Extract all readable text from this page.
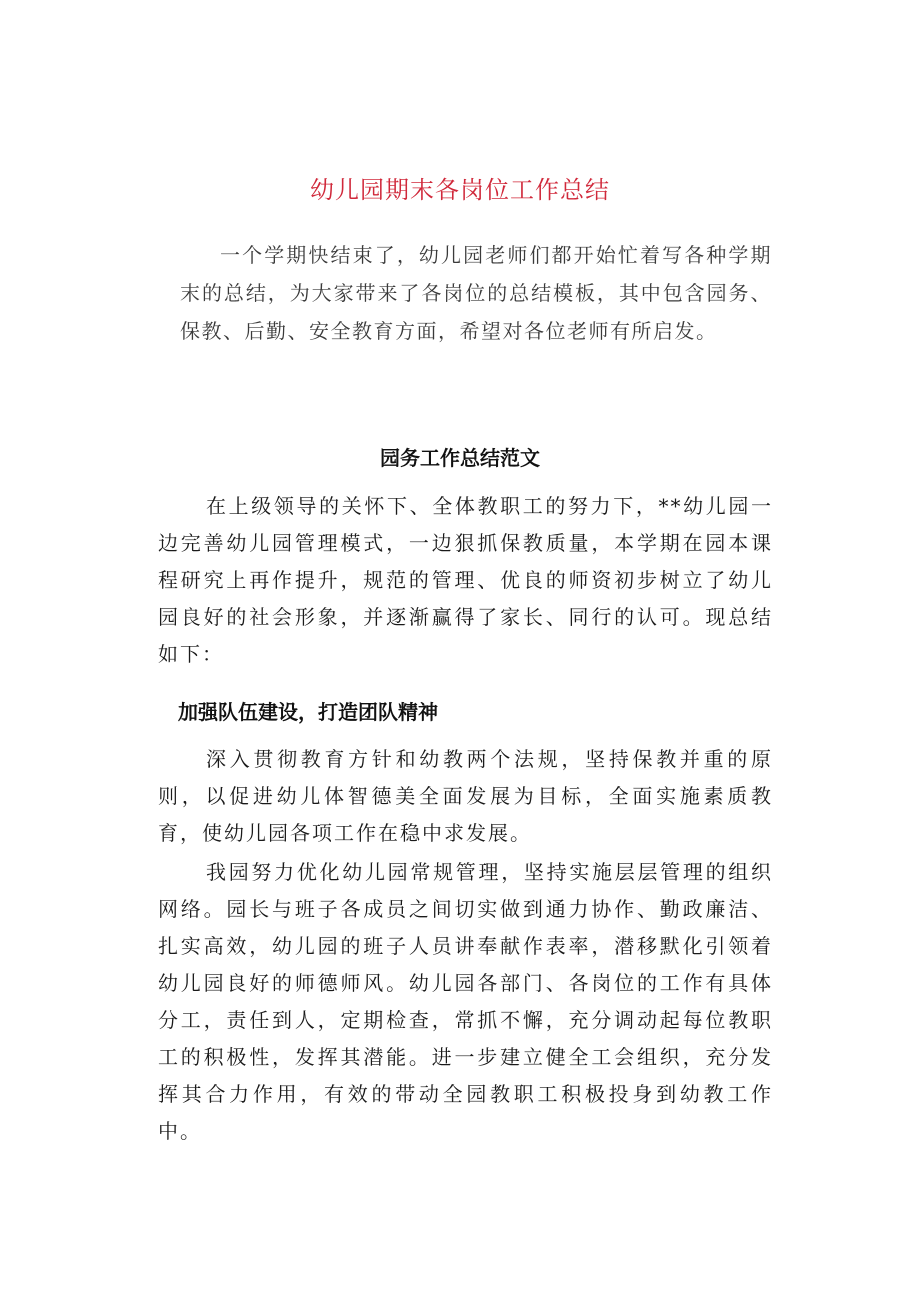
幼儿园期末各岗位工作总结

一个学期快结束了，幼儿园老师们都开始忙着写各种学期末的总结，为大家带来了各岗位的总结模板，其中包含园务、保教、后勤、安全教育方面，希望对各位老师有所启发。

园务工作总结范文

在上级领导的关怀下、全体教职工的努力下，**幼儿园一边完善幼儿园管理模式，一边狠抓保教质量，本学期在园本课程研究上再作提升，规范的管理、优良的师资初步树立了幼儿园良好的社会形象，并逐渐赢得了家长、同行的认可。现总结如下：

加强队伍建设，打造团队精神

深入贯彻教育方针和幼教两个法规，坚持保教并重的原则，以促进幼儿体智德美全面发展为目标，全面实施素质教育，使幼儿园各项工作在稳中求发展。

我园努力优化幼儿园常规管理，坚持实施层层管理的组织网络。园长与班子各成员之间切实做到通力协作、勤政廉洁、扎实高效，幼儿园的班子人员讲奉献作表率，潜移默化引领着幼儿园良好的师德师风。幼儿园各部门、各岗位的工作有具体分工，责任到人，定期检查，常抓不懈，充分调动起每位教职工的积极性，发挥其潜能。进一步建立健全工会组织，充分发挥其合力作用，有效的带动全园教职工积极投身到幼教工作中。
